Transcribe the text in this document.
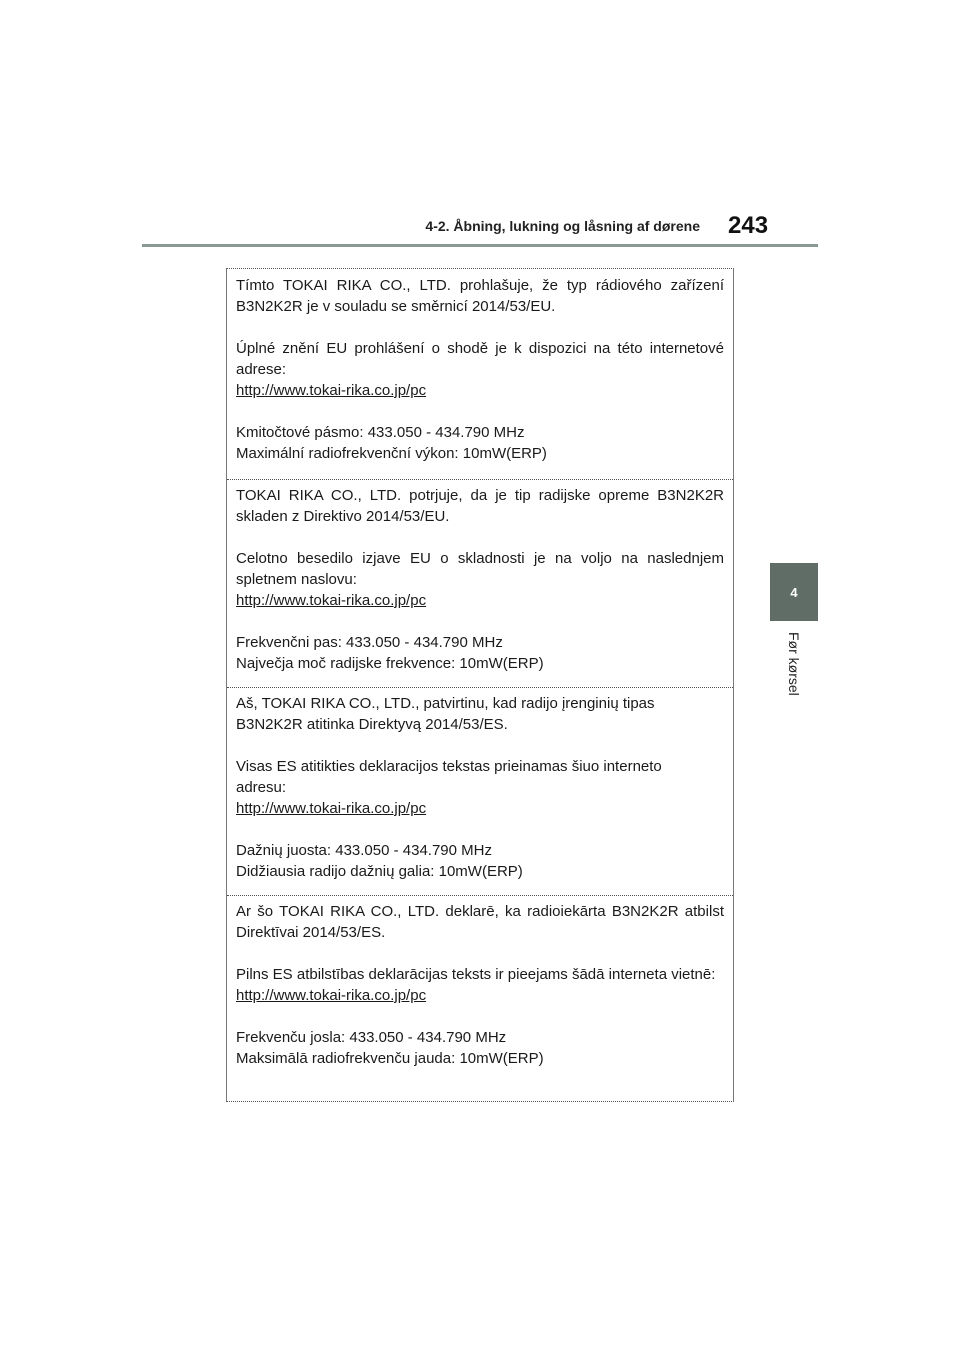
4-2. Åbning, lukning og låsning af dørene 243
4
Før kørsel

Tímto TOKAI RIKA CO., LTD. prohlašuje, že typ rádiového zařízení B3N2K2R je v souladu se směrnicí 2014/53/EU.

Úplné znění EU prohlášení o shodě je k dispozici na této internetové adrese:

http://www.tokai-rika.co.jp/pc
Kmitočtové pásmo: 433.050 - 434.790 MHz
Maximální radiofrekvenční výkon: 10mW(ERP)

TOKAI RIKA CO., LTD. potrjuje, da je tip radijske opreme B3N2K2R skladen z Direktivo 2014/53/EU.

Celotno besedilo izjave EU o skladnosti je na voljo na naslednjem spletnem naslovu:

http://www.tokai-rika.co.jp/pc
Frekvenčni pas: 433.050 - 434.790 MHz
Največja moč radijske frekvence: 10mW(ERP)

Aš, TOKAI RIKA CO., LTD., patvirtinu, kad radijo įrenginių tipas B3N2K2R atitinka Direktyvą 2014/53/ES.

Visas ES atitikties deklaracijos tekstas prieinamas šiuo interneto adresu:

http://www.tokai-rika.co.jp/pc
Dažnių juosta: 433.050 - 434.790 MHz
Didžiausia radijo dažnių galia: 10mW(ERP)

Ar šo TOKAI RIKA CO., LTD. deklarē, ka radioiekārta B3N2K2R atbilst Direktīvai 2014/53/ES.

Pilns ES atbilstības deklarācijas teksts ir pieejams šādā interneta vietnē:

http://www.tokai-rika.co.jp/pc
Frekvenču josla: 433.050 - 434.790 MHz
Maksimālā radiofrekvenču jauda: 10mW(ERP)
